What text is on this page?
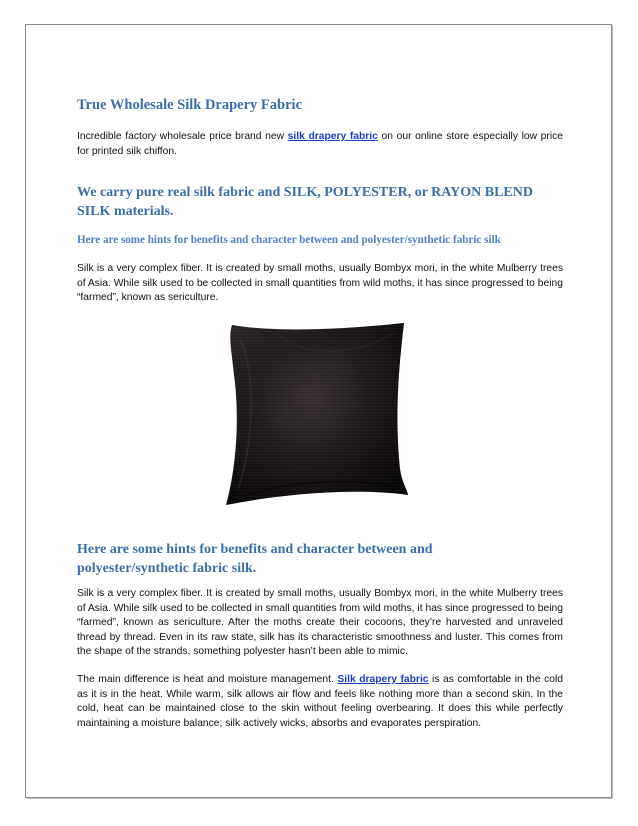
True Wholesale Silk Drapery Fabric

Incredible factory wholesale price brand new silk drapery fabric on our online store especially low price for printed silk chiffon.

We carry pure real silk fabric and SILK, POLYESTER, or RAYON BLEND SILK materials.
Here are some hints for benefits and character between and polyester/synthetic fabric silk

Silk is a very complex fiber. It is created by small moths, usually Bombyx mori, in the white Mulberry trees of Asia. While silk used to be collected in small quantities from wild moths, it has since progressed to being “farmed”, known as sericulture.

Here are some hints for benefits and character between and polyester/synthetic fabric silk.

Silk is a very complex fiber. It is created by small moths, usually Bombyx mori, in the white Mulberry trees of Asia. While silk used to be collected in small quantities from wild moths, it has since progressed to being “farmed”, known as sericulture. After the moths create their cocoons, they’re harvested and unraveled thread by thread. Even in its raw state, silk has its characteristic smoothness and luster. This comes from the shape of the strands, something polyester hasn’t been able to mimic.

The main difference is heat and moisture management. Silk drapery fabric is as comfortable in the cold as it is in the heat. While warm, silk allows air flow and feels like nothing more than a second skin. In the cold, heat can be maintained close to the skin without feeling overbearing. It does this while perfectly maintaining a moisture balance; silk actively wicks, absorbs and evaporates perspiration.
